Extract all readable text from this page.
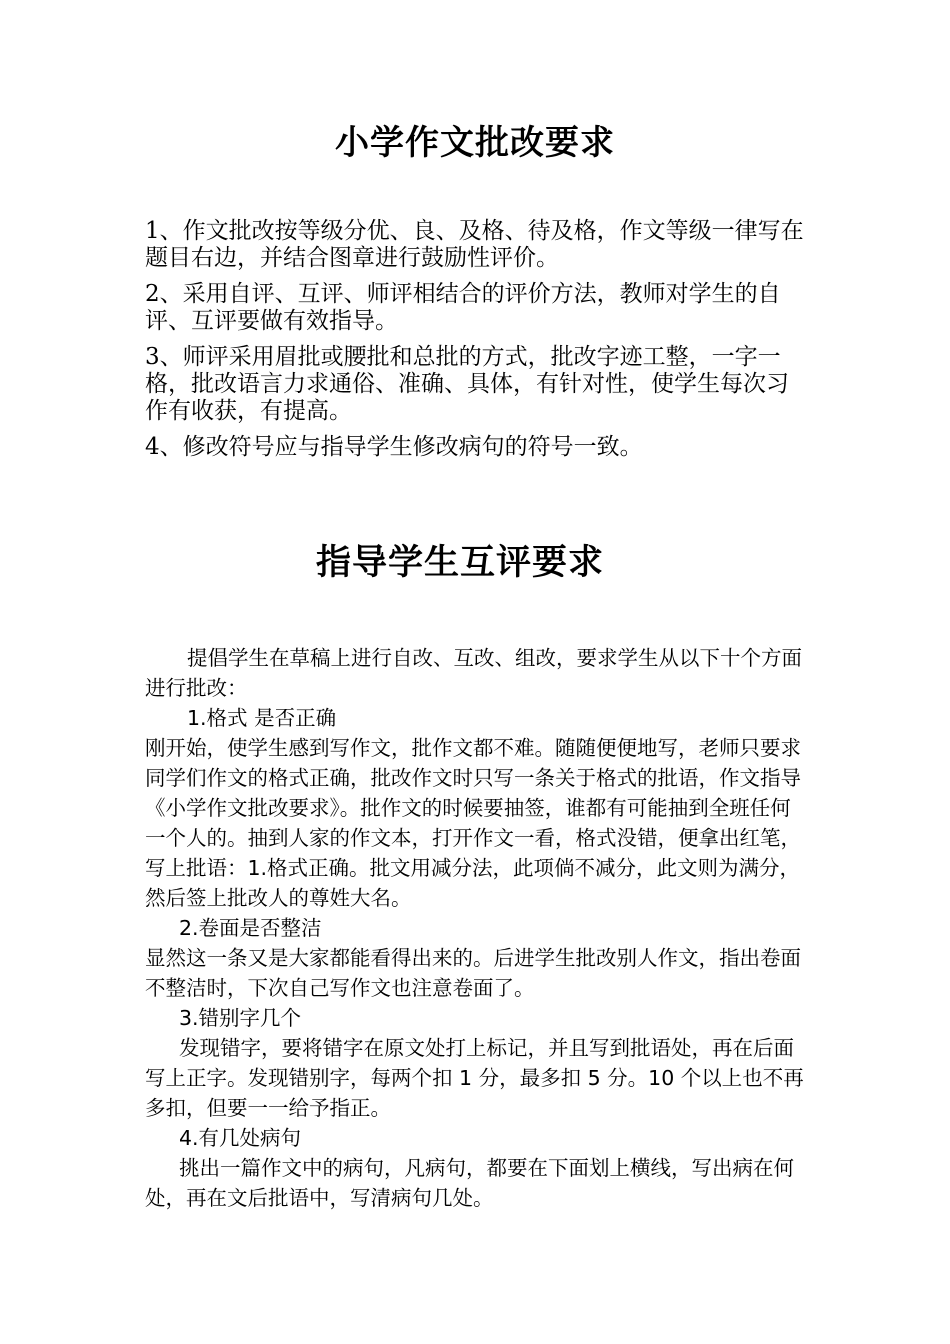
小学作文批改要求

1、作文批改按等级分优、良、及格、待及格，作文等级一律写在题目右边，并结合图章进行鼓励性评价。

2、采用自评、互评、师评相结合的评价方法，教师对学生的自评、互评要做有效指导。

3、师评采用眉批或腰批和总批的方式，批改字迹工整，一字一格，批改语言力求通俗、准确、具体，有针对性，使学生每次习作有收获，有提高。

4、修改符号应与指导学生修改病句的符号一致。

指导学生互评要求

提倡学生在草稿上进行自改、互改、组改，要求学生从以下十个方面进行批改：

1.格式 是否正确

刚开始，使学生感到写作文，批作文都不难。随随便便地写，老师只要求同学们作文的格式正确，批改作文时只写一条关于格式的批语，作文指导《小学作文批改要求》。批作文的时候要抽签，谁都有可能抽到全班任何一个人的。抽到人家的作文本，打开作文一看，格式没错，便拿出红笔，写上批语：1.格式正确。批文用减分法，此项倘不减分，此文则为满分，然后签上批改人的尊姓大名。

2.卷面是否整洁

显然这一条又是大家都能看得出来的。后进学生批改别人作文，指出卷面不整洁时，下次自己写作文也注意卷面了。

3.错别字几个

发现错字，要将错字在原文处打上标记，并且写到批语处，再在后面写上正字。发现错别字，每两个扣 1 分，最多扣 5 分。10 个以上也不再多扣，但要一一给予指正。

4.有几处病句

挑出一篇作文中的病句，凡病句，都要在下面划上横线，写出病在何处，再在文后批语中，写清病句几处。
